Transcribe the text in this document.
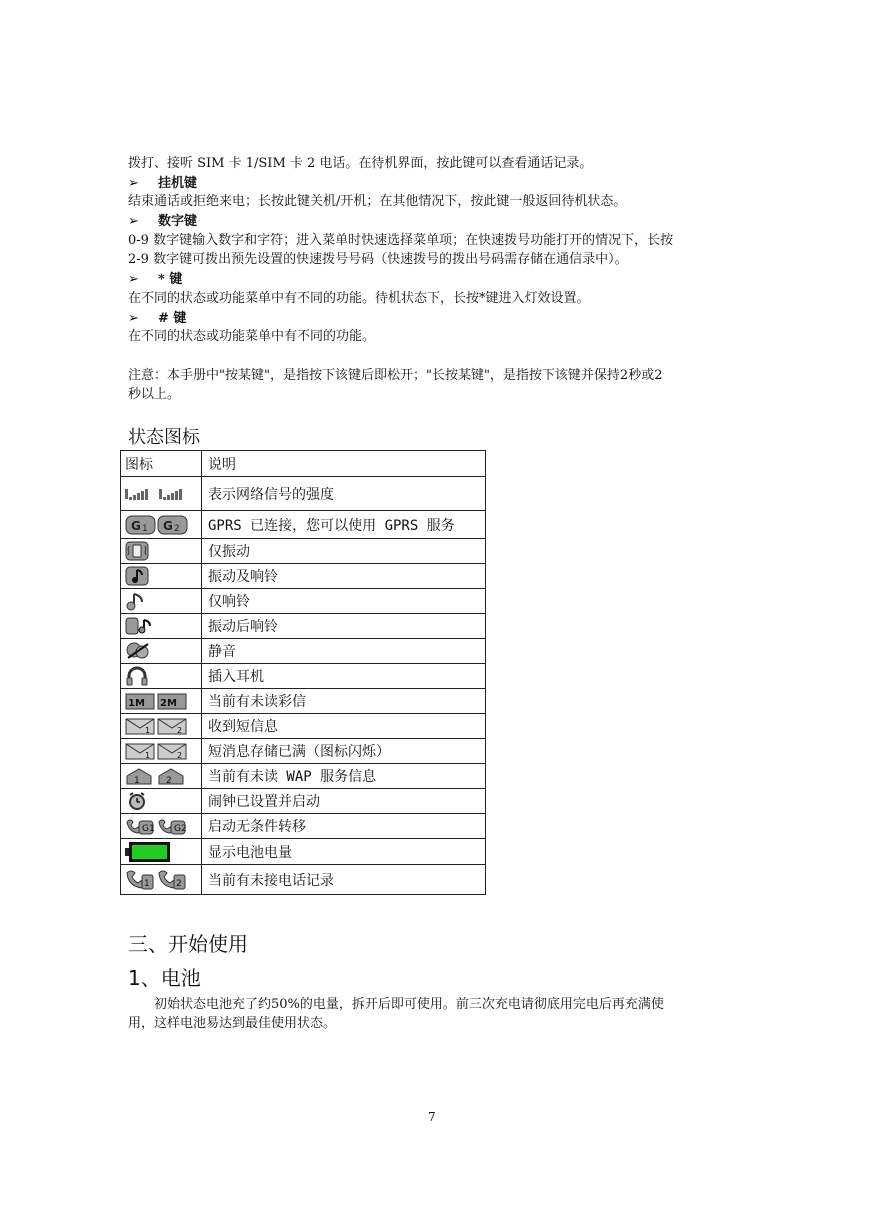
拨打、接听 SIM 卡 1/SIM 卡 2 电话。在待机界面，按此键可以查看通话记录。
➢ 挂机键
结束通话或拒绝来电；长按此键关机/开机；在其他情况下，按此键一般返回待机状态。
➢ 数字键
0-9 数字键输入数字和字符；进入菜单时快速选择菜单项；在快速拨号功能打开的情况下，长按
2-9 数字键可拨出预先设置的快速拨号号码（快速拨号的拨出号码需存储在通信录中）。
➢ * 键
在不同的状态或功能菜单中有不同的功能。待机状态下，长按*键进入灯效设置。
➢ # 键
在不同的状态或功能菜单中有不同的功能。
注意：本手册中"按某键"，是指按下该键后即松开；"长按某键"，是指按下该键并保持2秒或2
秒以上。
状态图标
图标	说明

	表示网络信号的强度

G 1 G 2	GPRS 已连接，您可以使用 GPRS 服务

	仅振动

	振动及响铃

	仅响铃

	振动后响铃

	静音

	插入耳机

1M 2M	当前有未读彩信

1 2	收到短信息

1 2	短消息存储已满（图标闪烁）

1 2	当前有未读 WAP 服务信息

	闹钟已设置并启动

G1 G2	启动无条件转移

	显示电池电量

1 2	当前有未接电话记录
三、开始使用
1、电池
初始状态电池充了约50%的电量，拆开后即可使用。前三次充电请彻底用完电后再充满使
用，这样电池易达到最佳使用状态。
7
